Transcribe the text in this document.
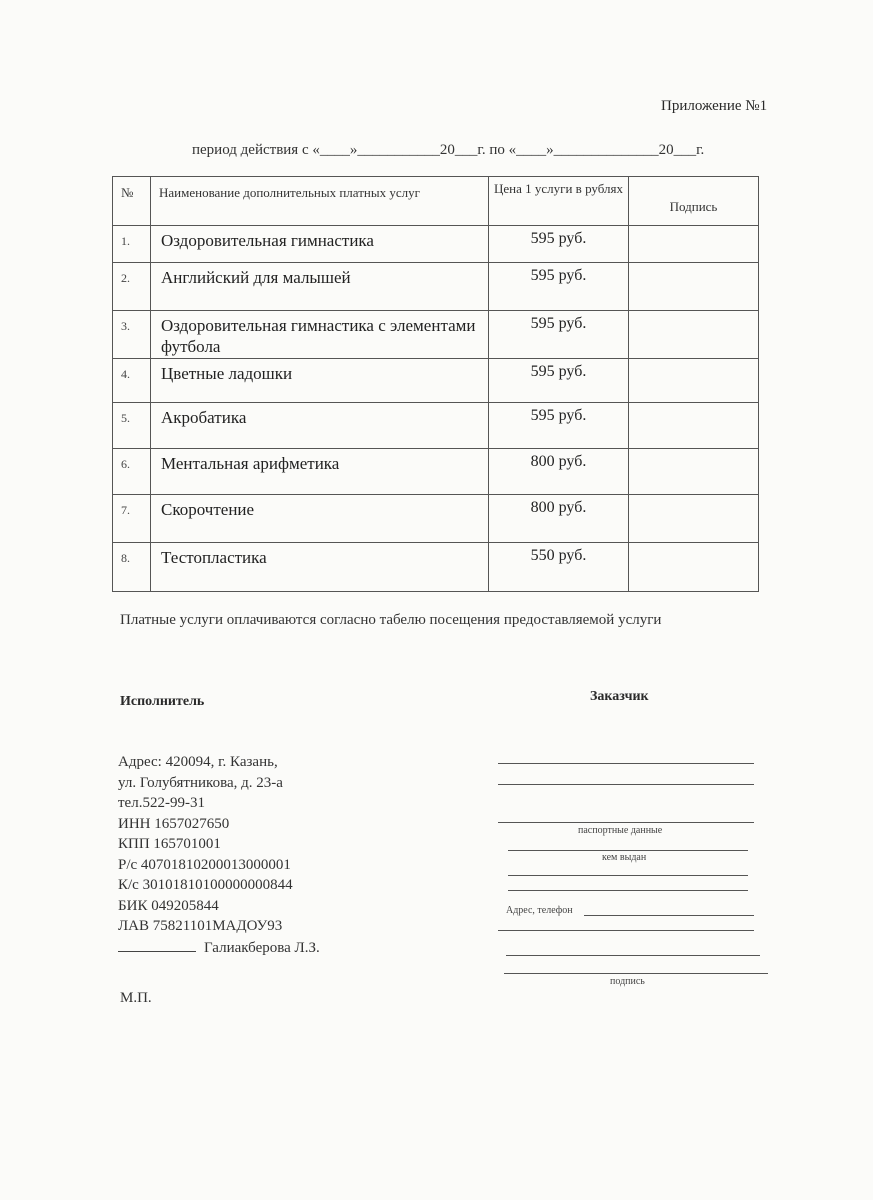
Приложение №1
период действия с «____»___________20___г. по «____»______________20___г.
№	Наименование дополнительных платных услуг	Цена 1 услуги в рублях	Подпись

1.	Оздоровительная гимнастика	595 руб.	

2.	Английский для малышей	595 руб.	

3.	Оздоровительная гимнастика с элементами футбола	595 руб.	

4.	Цветные ладошки	595 руб.	

5.	Акробатика	595 руб.	

6.	Ментальная арифметика	800 руб.	

7.	Скорочтение	800 руб.	

8.	Тестопластика	550 руб.	

Платные услуги оплачиваются согласно табелю посещения предоставляемой услуги
Исполнитель	Заказчик
Адрес: 420094, г. Казань,
ул. Голубятникова, д. 23-а
тел.522-99-31
ИНН 1657027650
КПП 165701001
Р/с 40701810200013000001
К/с 30101810100000000844
БИК 049205844
ЛАВ 75821101МАДОУ93
Галиакберова Л.З.
М.П.
паспортные данные
кем выдан
Адрес, телефон
подпись
